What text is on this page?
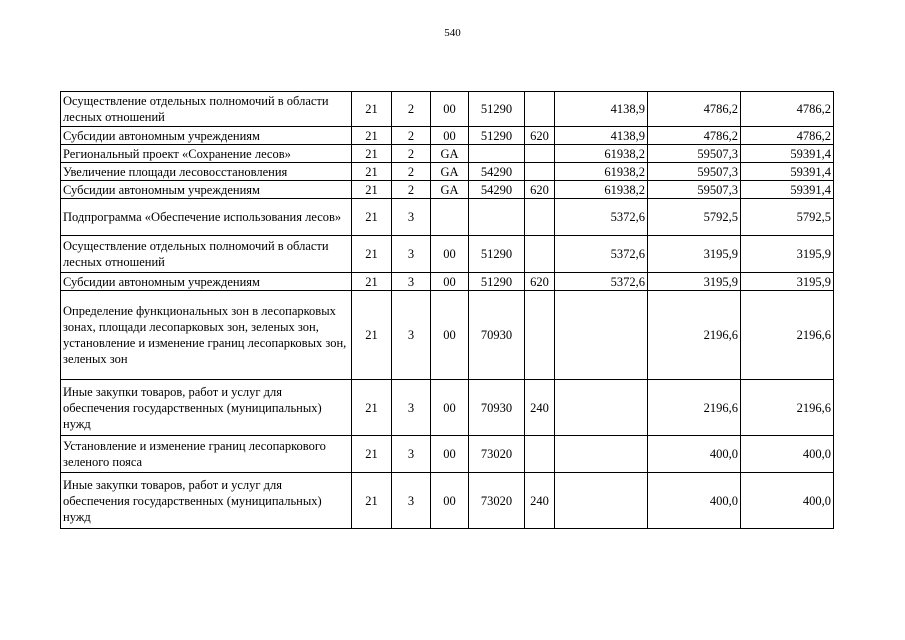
540
Осуществление отдельных полномочий в области лесных отношений	21	2	00	51290		4138,9	4786,2	4786,2
Субсидии автономным учреждениям	21	2	00	51290	620	4138,9	4786,2	4786,2
Региональный проект «Сохранение лесов»	21	2	GA			61938,2	59507,3	59391,4
Увеличение площади лесовосстановления	21	2	GA	54290		61938,2	59507,3	59391,4
Субсидии автономным учреждениям	21	2	GA	54290	620	61938,2	59507,3	59391,4
Подпрограмма «Обеспечение использования лесов»	21	3				5372,6	5792,5	5792,5
Осуществление отдельных полномочий в области лесных отношений	21	3	00	51290		5372,6	3195,9	3195,9
Субсидии автономным учреждениям	21	3	00	51290	620	5372,6	3195,9	3195,9
Определение функциональных зон в лесопарковых зонах, площади лесопарковых зон, зеленых зон, установление и изменение границ лесопарковых зон, зеленых зон	21	3	00	70930			2196,6	2196,6
Иные закупки товаров, работ и услуг для обеспечения государственных (муниципальных) нужд	21	3	00	70930	240		2196,6	2196,6
Установление и изменение границ лесопаркового зеленого пояса	21	3	00	73020			400,0	400,0
Иные закупки товаров, работ и услуг для обеспечения государственных (муниципальных) нужд	21	3	00	73020	240		400,0	400,0
